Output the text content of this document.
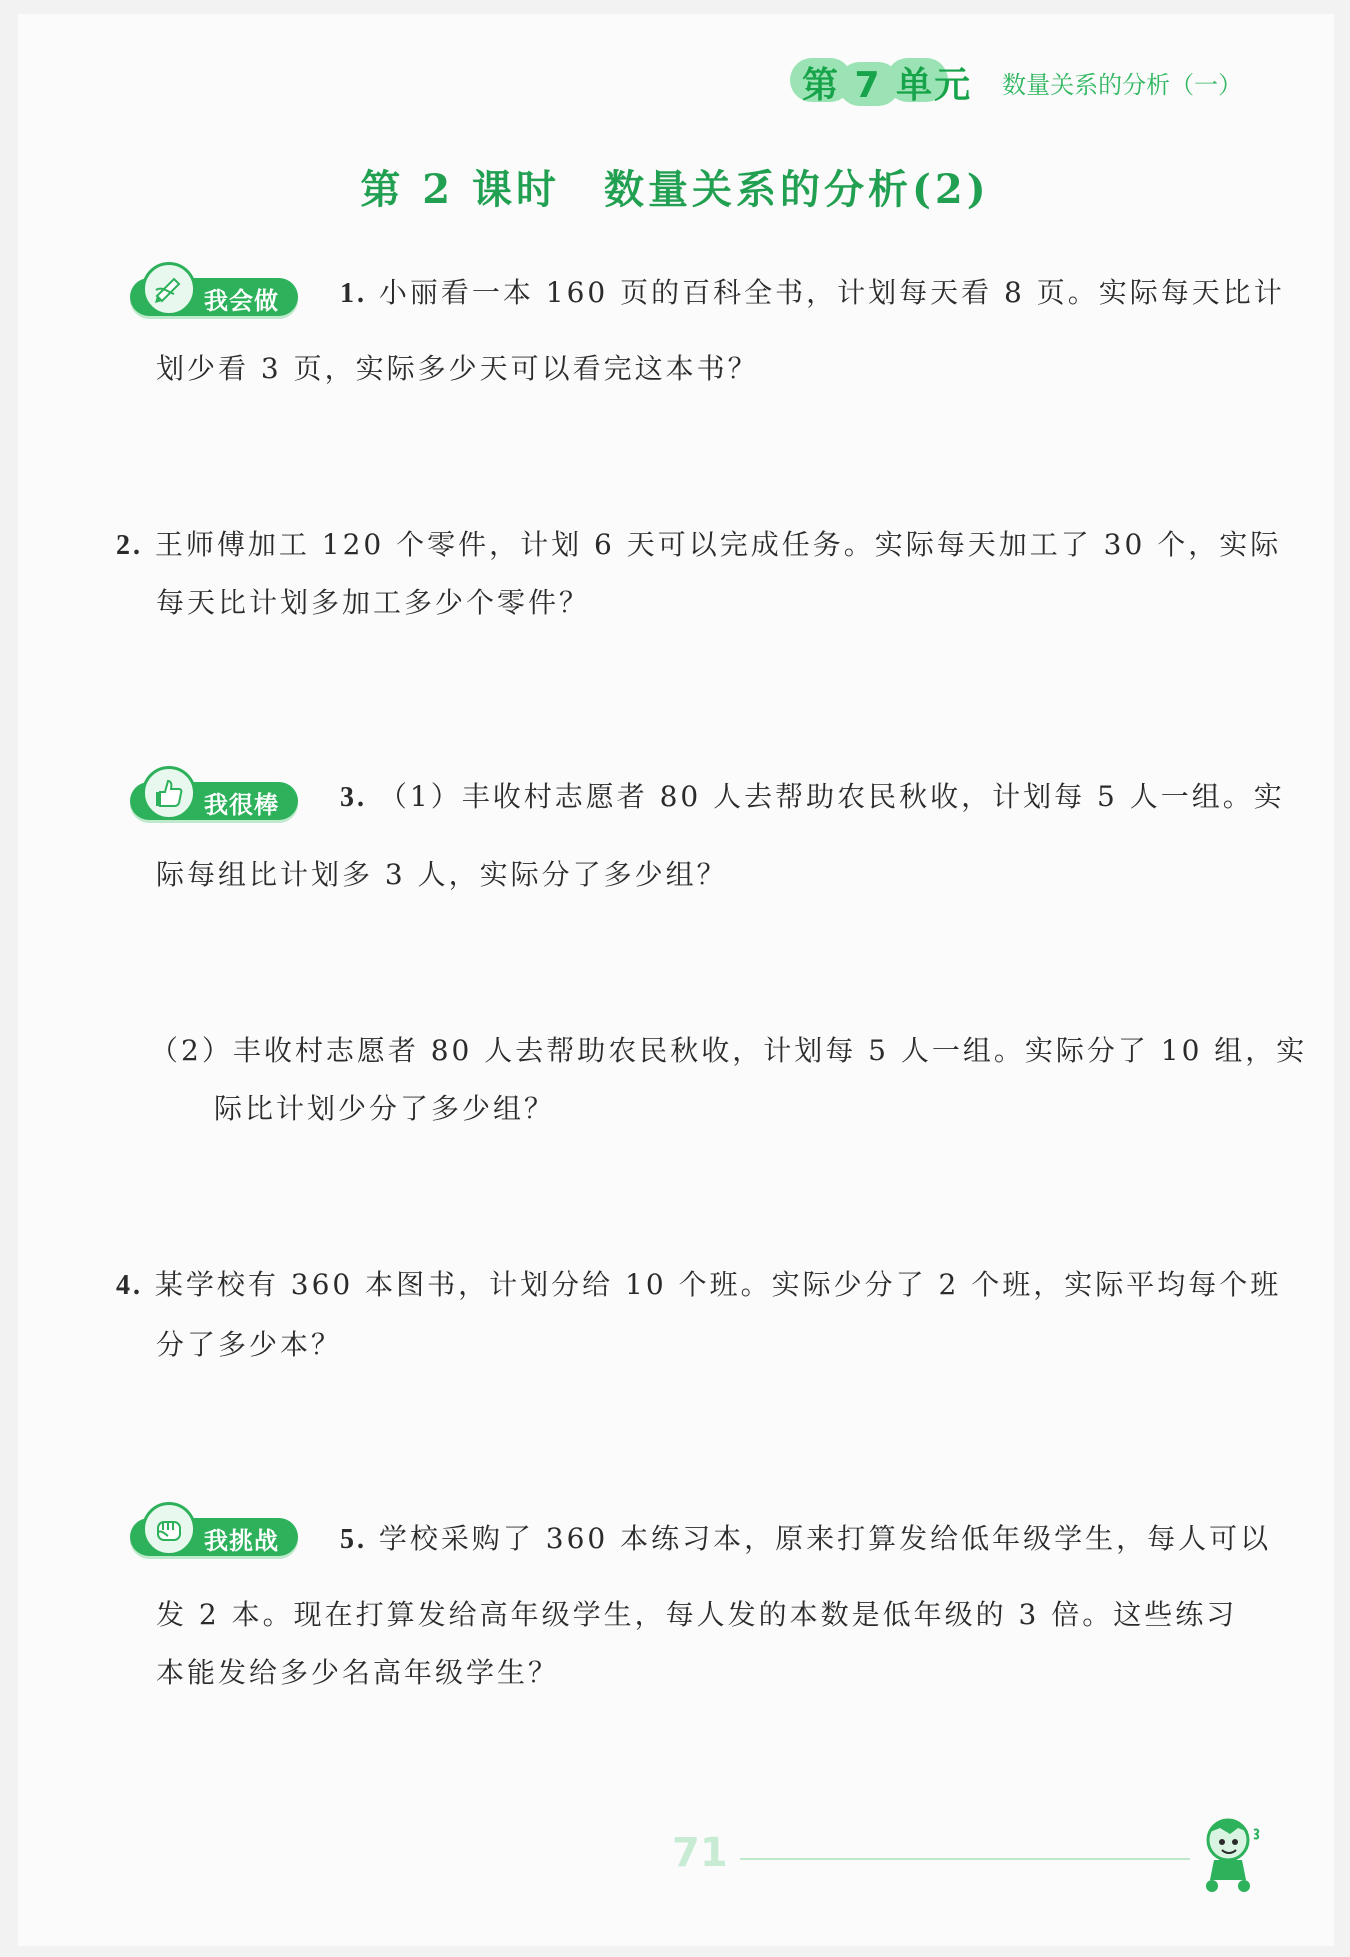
第 7 单元	数量关系的分析（一）
第 2 课时 数量关系的分析(2)
我会做 1. 小丽看一本 160 页的百科全书，计划每天看 8 页。实际每天比计
划少看 3 页，实际多少天可以看完这本书？
2. 王师傅加工 120 个零件，计划 6 天可以完成任务。实际每天加工了 30 个，实际
每天比计划多加工多少个零件？
我很棒 3. （1）丰收村志愿者 80 人去帮助农民秋收，计划每 5 人一组。实
际每组比计划多 3 人，实际分了多少组？
（2）丰收村志愿者 80 人去帮助农民秋收，计划每 5 人一组。实际分了 10 组，实
际比计划少分了多少组？
4. 某学校有 360 本图书，计划分给 10 个班。实际少分了 2 个班，实际平均每个班
分了多少本？
我挑战 5. 学校采购了 360 本练习本，原来打算发给低年级学生，每人可以
发 2 本。现在打算发给高年级学生，每人发的本数是低年级的 3 倍。这些练习
本能发给多少名高年级学生？
71
